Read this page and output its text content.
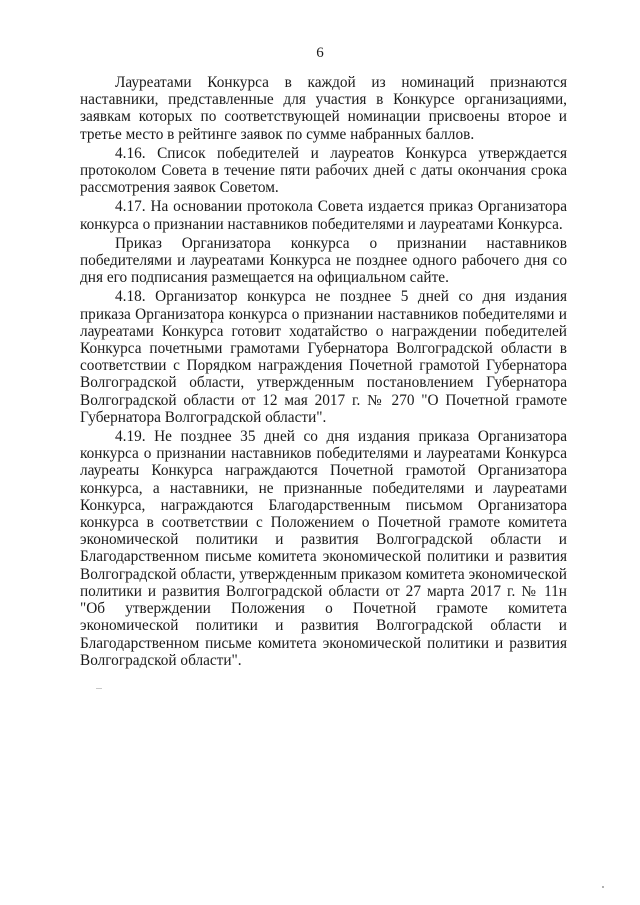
6

Лауреатами Конкурса в каждой из номинаций признаются наставники, представленные для участия в Конкурсе организациями, заявкам которых по соответствующей номинации присвоены второе и третье место в рейтинге заявок по сумме набранных баллов.

4.16. Список победителей и лауреатов Конкурса утверждается протоколом Совета в течение пяти рабочих дней с даты окончания срока рассмотрения заявок Советом.

4.17. На основании протокола Совета издается приказ Организатора конкурса о признании наставников победителями и лауреатами Конкурса.

Приказ Организатора конкурса о признании наставников победителями и лауреатами Конкурса не позднее одного рабочего дня со дня его подписания размещается на официальном сайте.

4.18. Организатор конкурса не позднее 5 дней со дня издания приказа Организатора конкурса о признании наставников победителями и лауреатами Конкурса готовит ходатайство о награждении победителей Конкурса почетными грамотами Губернатора Волгоградской области в соответствии с Порядком награждения Почетной грамотой Губернатора Волгоградской области, утвержденным постановлением Губернатора Волгоградской области от 12 мая 2017 г. № 270 "О Почетной грамоте Губернатора Волгоградской области".

4.19. Не позднее 35 дней со дня издания приказа Организатора конкурса о признании наставников победителями и лауреатами Конкурса лауреаты Конкурса награждаются Почетной грамотой Организатора конкурса, а наставники, не признанные победителями и лауреатами Конкурса, награждаются Благодарственным письмом Организатора конкурса в соответствии с Положением о Почетной грамоте комитета экономической политики и развития Волгоградской области и Благодарственном письме комитета экономической политики и развития Волгоградской области, утвержденным приказом комитета экономической политики и развития Волгоградской области от 27 марта 2017 г. № 11н "Об утверждении Положения о Почетной грамоте комитета экономической политики и развития Волгоградской области и Благодарственном письме комитета экономической политики и развития Волгоградской области".
